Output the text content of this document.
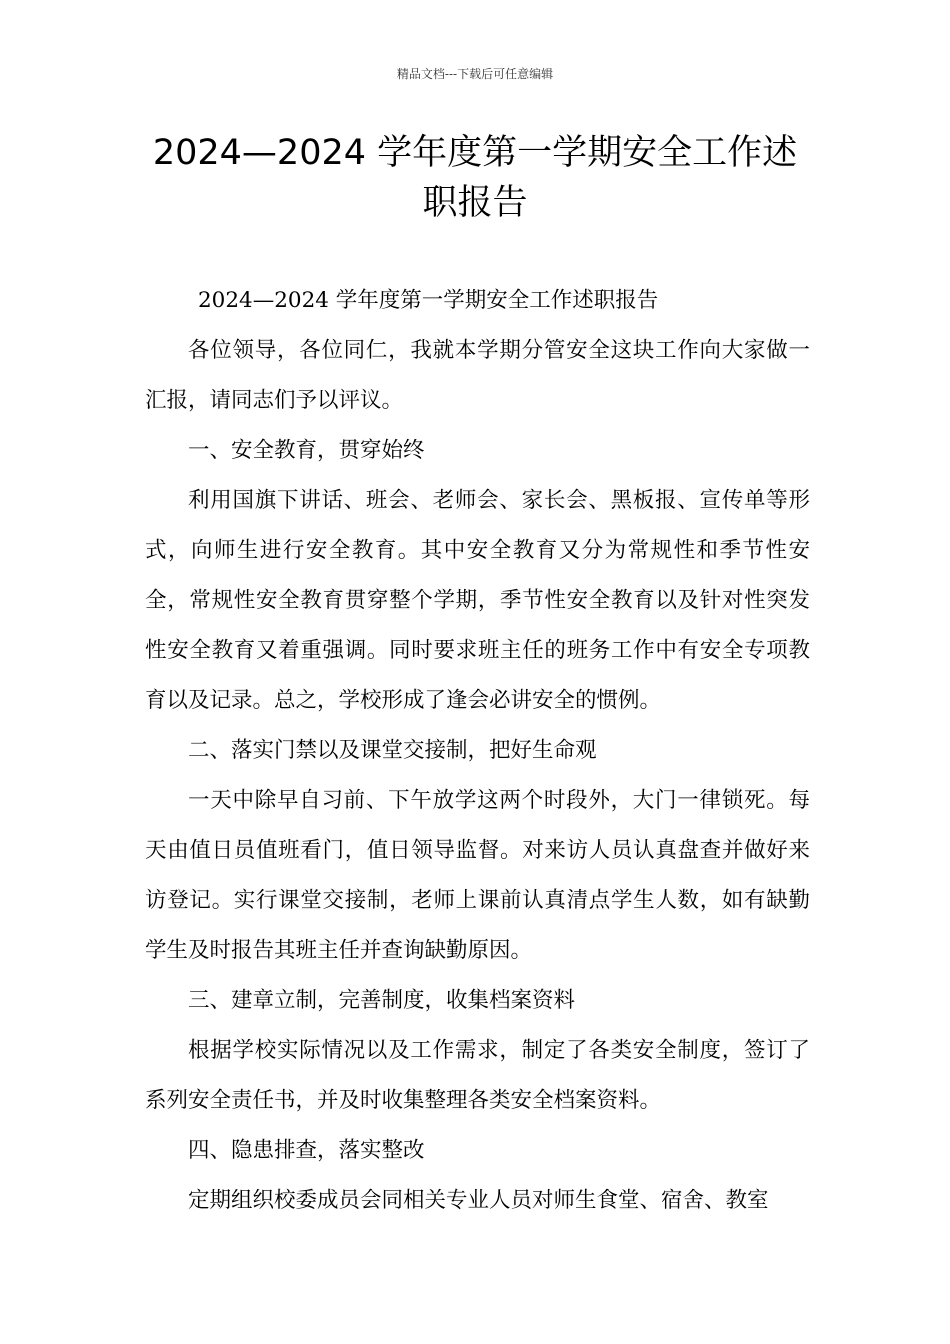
精品文档---下载后可任意编辑
2024—2024 学年度第一学期安全工作述
职报告

2024—2024 学年度第一学期安全工作述职报告

各位领导，各位同仁，我就本学期分管安全这块工作向大家做一汇报，请同志们予以评议。

一、安全教育，贯穿始终

利用国旗下讲话、班会、老师会、家长会、黑板报、宣传单等形式，向师生进行安全教育。其中安全教育又分为常规性和季节性安全，常规性安全教育贯穿整个学期，季节性安全教育以及针对性突发性安全教育又着重强调。同时要求班主任的班务工作中有安全专项教育以及记录。总之，学校形成了逢会必讲安全的惯例。

二、落实门禁以及课堂交接制，把好生命观

一天中除早自习前、下午放学这两个时段外，大门一律锁死。每天由值日员值班看门，值日领导监督。对来访人员认真盘查并做好来访登记。实行课堂交接制，老师上课前认真清点学生人数，如有缺勤学生及时报告其班主任并查询缺勤原因。

三、建章立制，完善制度，收集档案资料

根据学校实际情况以及工作需求，制定了各类安全制度，签订了系列安全责任书，并及时收集整理各类安全档案资料。

四、隐患排查，落实整改

定期组织校委成员会同相关专业人员对师生食堂、宿舍、教室
